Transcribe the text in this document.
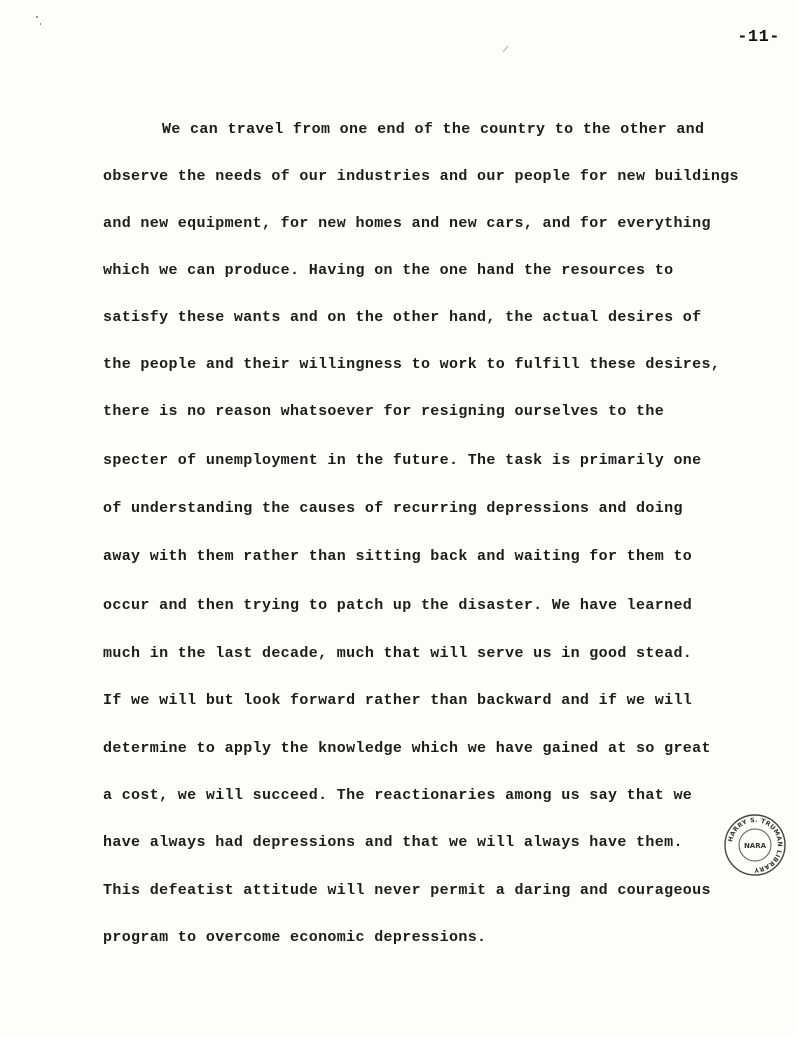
-11-
We can travel from one end of the country to the other and
observe the needs of our industries and our people for new buildings
and new equipment, for new homes and new cars, and for everything
which we can produce. Having on the one hand the resources to
satisfy these wants and on the other hand, the actual desires of
the people and their willingness to work to fulfill these desires,
there is no reason whatsoever for resigning ourselves to the
specter of unemployment in the future. The task is primarily one
of understanding the causes of recurring depressions and doing
away with them rather than sitting back and waiting for them to
occur and then trying to patch up the disaster. We have learned
much in the last decade, much that will serve us in good stead.
If we will but look forward rather than backward and if we will
determine to apply the knowledge which we have gained at so great
a cost, we will succeed. The reactionaries among us say that we
have always had depressions and that we will always have them.
This defeatist attitude will never permit a daring and courageous
program to overcome economic depressions.
HARRY S. TRUMAN LIBRARY
NARA
